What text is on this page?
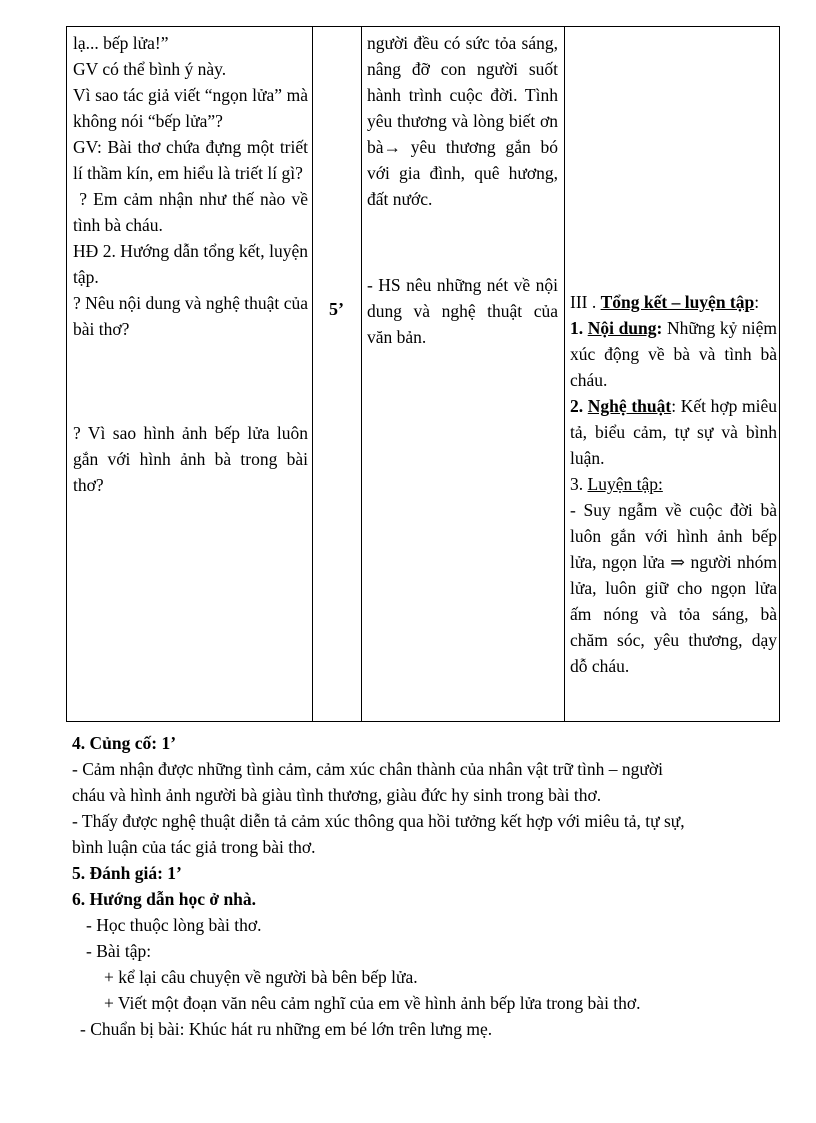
lạ... bếp lửa!”

GV có thể bình ý này.

Vì sao tác giả viết “ngọn lửa” mà không nói “bếp lửa”?

GV: Bài thơ chứa đựng một triết lí thầm kín, em hiểu là triết lí gì?

? Em cảm nhận như thế nào về tình bà cháu.

HĐ 2. Hướng dẫn tổng kết, luyện tập.

? Nêu nội dung và nghệ thuật của bài thơ?

? Vì sao hình ảnh bếp lửa luôn gắn với hình ảnh bà trong bài thơ?

5’

người đều có sức tỏa sáng, nâng đỡ con người suốt hành trình cuộc đời. Tình yêu thương và lòng biết ơn bà→ yêu thương gắn bó với gia đình, quê hương, đất nước.

- HS nêu những nét về nội dung và nghệ thuật của văn bản.

III . Tổng kết – luyện tập:

1. Nội dung: Những kỷ niệm xúc động về bà và tình bà cháu.

2. Nghệ thuật: Kết hợp miêu tả, biểu cảm, tự sự và bình luận.

3. Luyện tập:

- Suy ngẫm về cuộc đời bà luôn gắn với hình ảnh bếp lửa, ngọn lửa ⇒ người nhóm lửa, luôn giữ cho ngọn lửa ấm nóng và tỏa sáng, bà chăm sóc, yêu thương, dạy dỗ cháu.

4. Củng cố: 1’

- Cảm nhận được những tình cảm, cảm xúc chân thành của nhân vật trữ tình – người

cháu và hình ảnh người bà giàu tình thương, giàu đức hy sinh trong bài thơ.

- Thấy được nghệ thuật diễn tả cảm xúc thông qua hồi tưởng kết hợp với miêu tả, tự sự,

bình luận của tác giả trong bài thơ.

5. Đánh giá: 1’

6. Hướng dẫn học ở nhà.

- Học thuộc lòng bài thơ.

- Bài tập:

+ kể lại câu chuyện về người bà bên bếp lửa.

+ Viết một đoạn văn nêu cảm nghĩ của em về hình ảnh bếp lửa trong bài thơ.

- Chuẩn bị bài: Khúc hát ru những em bé lớn trên lưng mẹ.
